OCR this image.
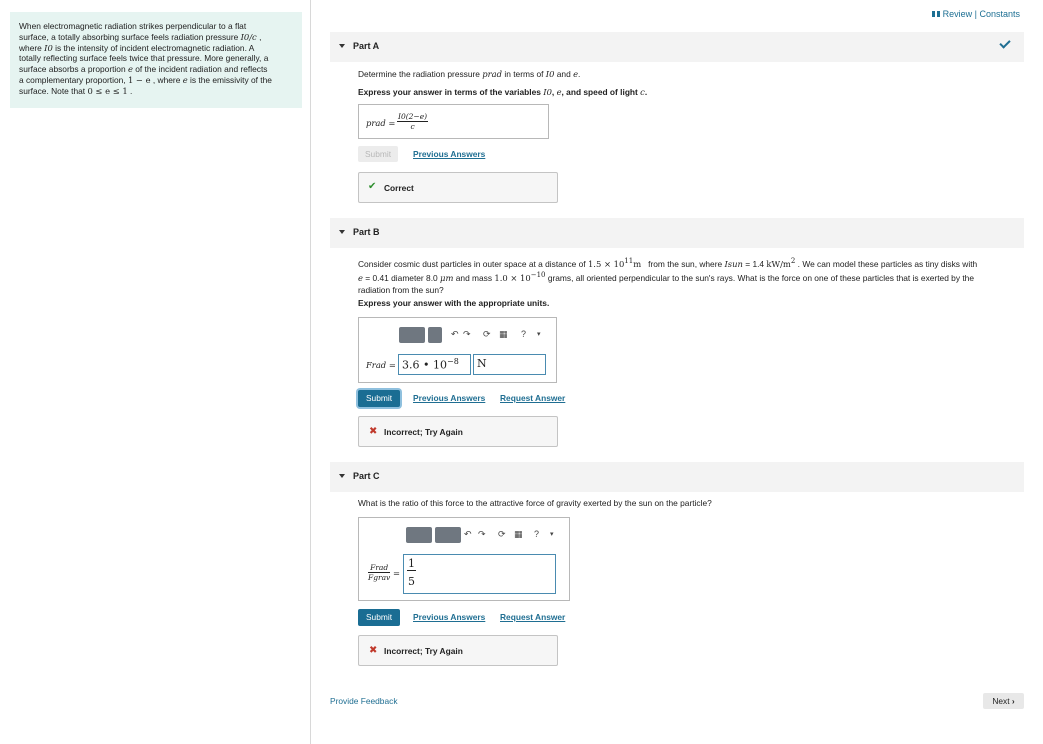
When electromagnetic radiation strikes perpendicular to a flat
surface, a totally absorbing surface feels radiation pressure I0/c ,
where I0 is the intensity of incident electromagnetic radiation. A
totally reflecting surface feels twice that pressure. More generally, a
surface absorbs a proportion e of the incident radiation and reflects
a complementary proportion, 1 − e , where e is the emissivity of the
surface. Note that 0 ≤ e ≤ 1 .
Review | Constants
Part A
Determine the radiation pressure prad in terms of I0 and e.
Express your answer in terms of the variables I0, e, and speed of light c.
prad = $\frac{I0(2-e)}{c}$
Submit	Previous Answers
✔ Correct
Part B
Consider cosmic dust particles in outer space at a distance of $1.5 \times 10^{11}m$   from the sun, where Isun = 1.4 $kW/m^2$ . We can model these particles as tiny disks with
e = 0.41 diameter 8.0 μm and mass $1.0 \times 10^{-10}$ grams, all oriented perpendicular to the sun's rays. What is the force on one of these particles that is exerted by the
radiation from the sun?
Express your answer with the appropriate units.
↶ ↷ ⟳ ▦ ? ▾
Frad = 3.6 • $10^{-8}$	N
Submit	Previous Answers Request Answer
✖ Incorrect; Try Again
Part C
What is the ratio of this force to the attractive force of gravity exerted by the sun on the particle?
↶ ↷ ⟳ ▦ ? ▾
Frad
Fgrav = $\frac{1}{5}$
Submit	Previous Answers Request Answer
✖ Incorrect; Try Again
Provide Feedback	Next ›
